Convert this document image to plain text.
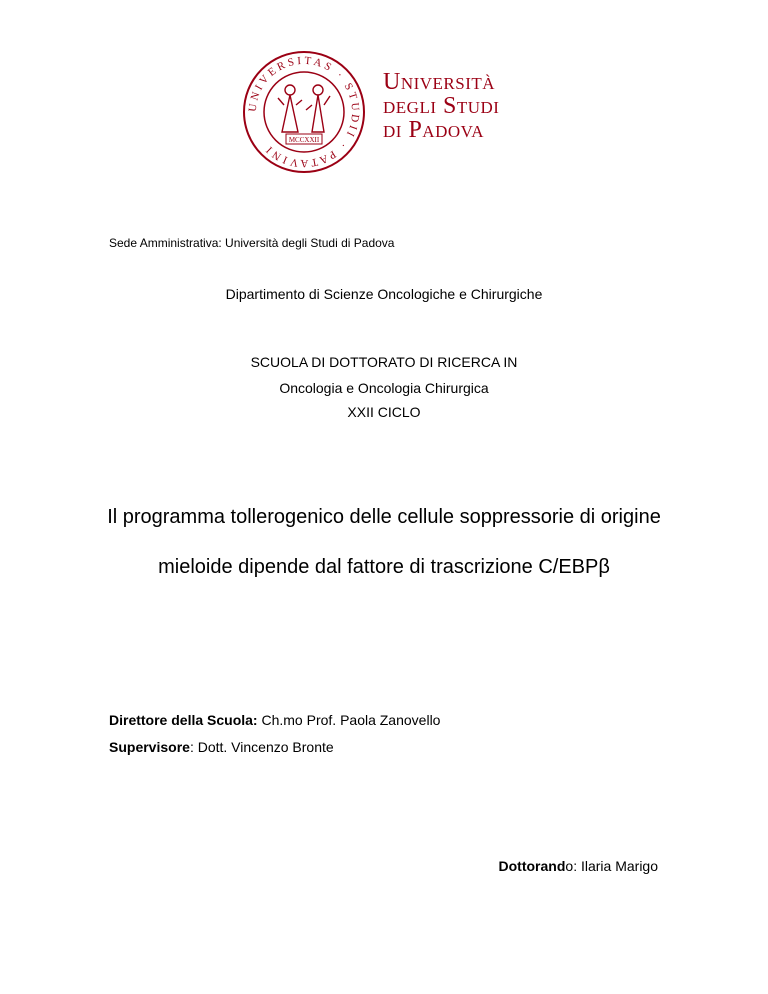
UNIVERSITAS · STUDII · PATAVINI
MCCXXII
Università
degli Studi
di Padova
Sede Amministrativa: Università degli Studi di Padova
Dipartimento di Scienze Oncologiche e Chirurgiche
SCUOLA DI DOTTORATO DI RICERCA IN
Oncologia e Oncologia Chirurgica
XXII CICLO
Il programma tollerogenico delle cellule soppressorie di origine
mieloide dipende dal fattore di trascrizione C/EBPβ
Direttore della Scuola: Ch.mo Prof. Paola Zanovello
Supervisore: Dott. Vincenzo Bronte
Dottorando: Ilaria Marigo
